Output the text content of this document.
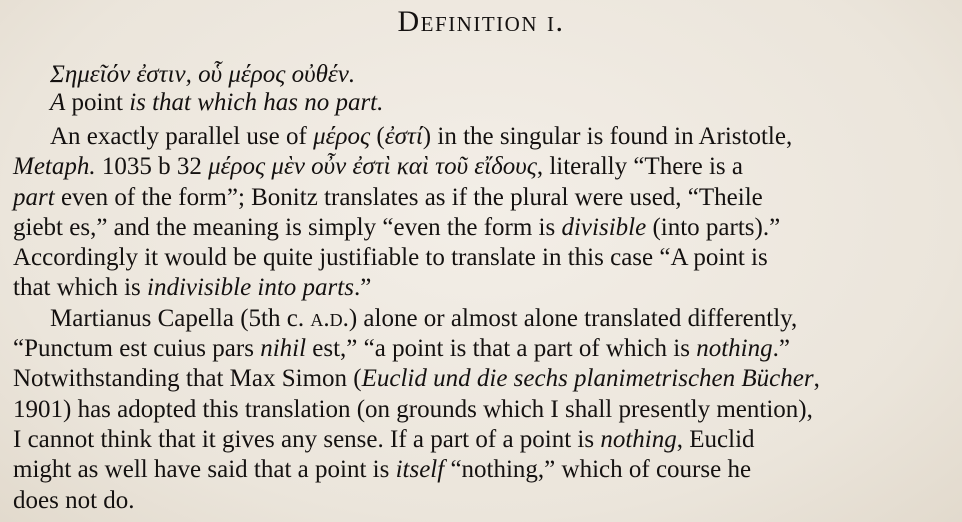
Definition i.
Σημεῖόν ἐστιν, οὗ μέρος οὐθέν.
A point is that which has no part.

An exactly parallel use of μέρος (ἐστί) in the singular is found in Aristotle,
Metaph. 1035 b 32 μέρος μὲν οὖν ἐστὶ καὶ τοῦ εἴδους, literally “There is a
part even of the form”; Bonitz translates as if the plural were used, “Theile
giebt es,” and the meaning is simply “even the form is divisible (into parts).”
Accordingly it would be quite justifiable to translate in this case “A point is
that which is indivisible into parts.”

Martianus Capella (5th c. a.d.) alone or almost alone translated differently,
“Punctum est cuius pars nihil est,” “a point is that a part of which is nothing.”
Notwithstanding that Max Simon (Euclid und die sechs planimetrischen Bücher,
1901) has adopted this translation (on grounds which I shall presently mention),
I cannot think that it gives any sense. If a part of a point is nothing, Euclid
might as well have said that a point is itself “nothing,” which of course he
does not do.
